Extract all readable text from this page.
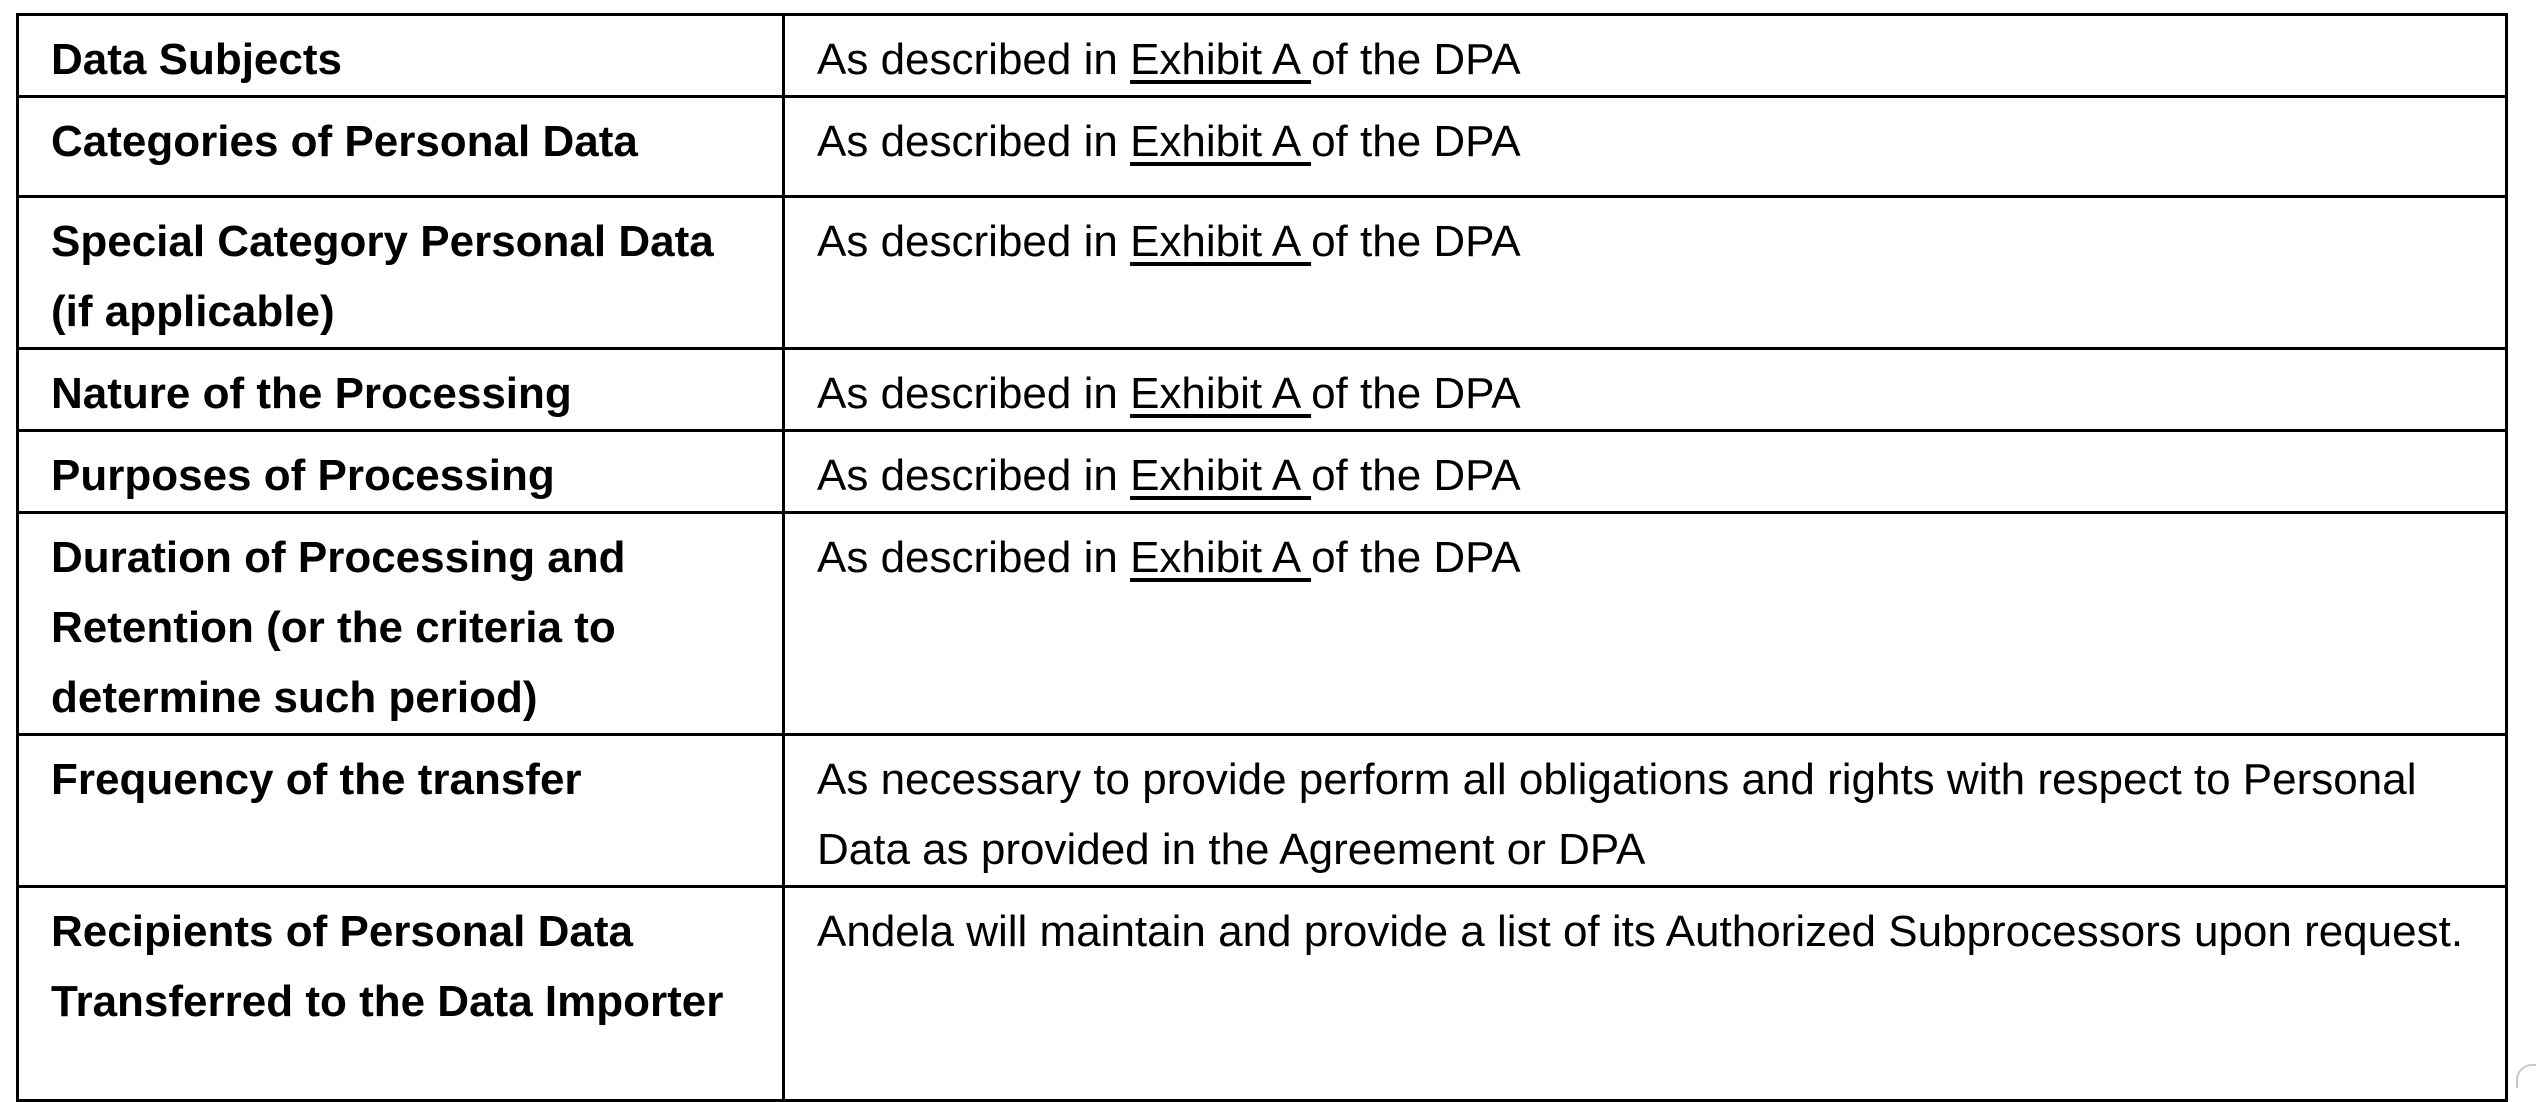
Data Subjects	As described in Exhibit A of the DPA
Categories of Personal Data	As described in Exhibit A of the DPA
Special Category Personal Data (if applicable)	As described in Exhibit A of the DPA
Nature of the Processing	As described in Exhibit A of the DPA
Purposes of Processing	As described in Exhibit A of the DPA
Duration of Processing and Retention (or the criteria to determine such period)	As described in Exhibit A of the DPA
Frequency of the transfer	As necessary to provide perform all obligations and rights with respect to Personal Data as provided in the Agreement or DPA
Recipients of Personal Data Transferred to the Data Importer	Andela will maintain and provide a list of its Authorized Subprocessors upon request.
